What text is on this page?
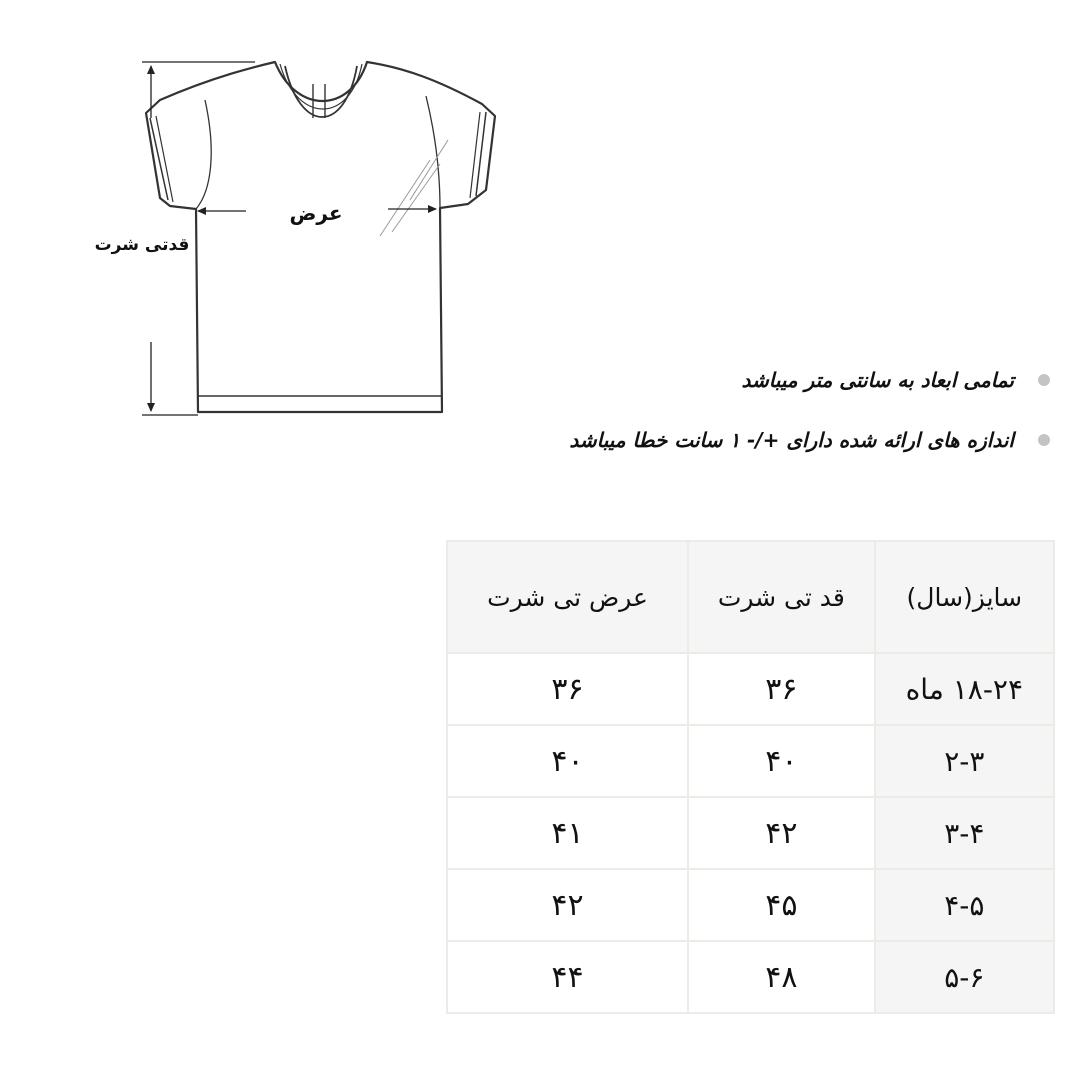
قدتی شرت
عرض
تمامی ابعاد به سانتی متر میباشد
اندازه های ارائه شده دارای +/- ۱ سانت خطا میباشد
سایز(سال)	قد تی شرت	عرض تی شرت
۱۸-۲۴ ماه	۳۶	۳۶
۲-۳	۴۰	۴۰
۳-۴	۴۲	۴۱
۴-۵	۴۵	۴۲
۵-۶	۴۸	۴۴
